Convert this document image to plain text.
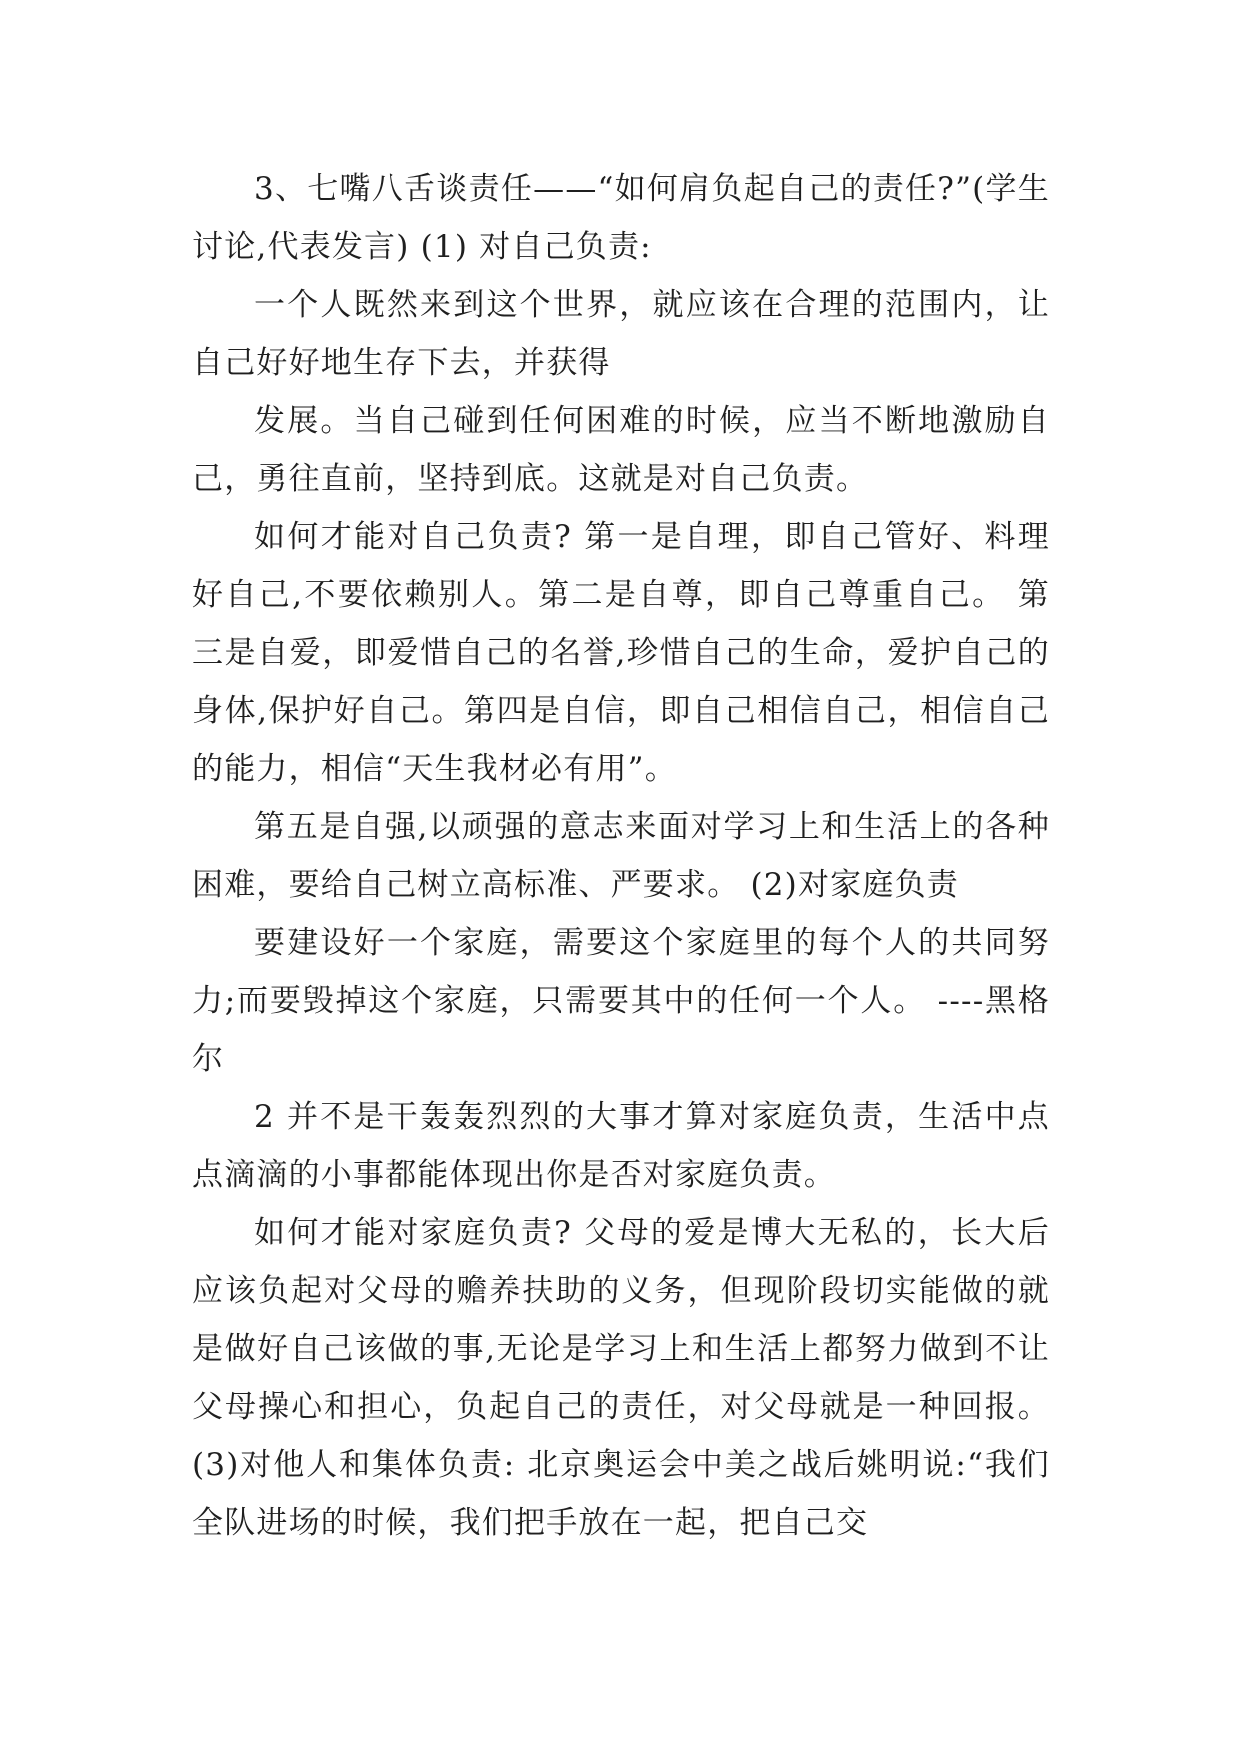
3、七嘴八舌谈责任——“如何肩负起自己的责任?”(学生讨论,代表发言) (1) 对自己负责:

一个人既然来到这个世界，就应该在合理的范围内，让自己好好地生存下去，并获得

发展。当自己碰到任何困难的时候，应当不断地激励自己，勇往直前，坚持到底。这就是对自己负责。

如何才能对自己负责? 第一是自理，即自己管好、料理好自己,不要依赖别人。第二是自尊，即自己尊重自己。 第三是自爱，即爱惜自己的名誉,珍惜自己的生命，爱护自己的身体,保护好自己。第四是自信，即自己相信自己，相信自己的能力，相信“天生我材必有用”。

第五是自强,以顽强的意志来面对学习上和生活上的各种困难，要给自己树立高标准、严要求。 (2)对家庭负责

要建设好一个家庭，需要这个家庭里的每个人的共同努力;而要毁掉这个家庭，只需要其中的任何一个人。 ----黑格尔

2 并不是干轰轰烈烈的大事才算对家庭负责，生活中点点滴滴的小事都能体现出你是否对家庭负责。

如何才能对家庭负责? 父母的爱是博大无私的，长大后应该负起对父母的赡养扶助的义务，但现阶段切实能做的就是做好自己该做的事,无论是学习上和生活上都努力做到不让父母操心和担心，负起自己的责任，对父母就是一种回报。 (3)对他人和集体负责: 北京奥运会中美之战后姚明说:“我们全队进场的时候，我们把手放在一起，把自己交
